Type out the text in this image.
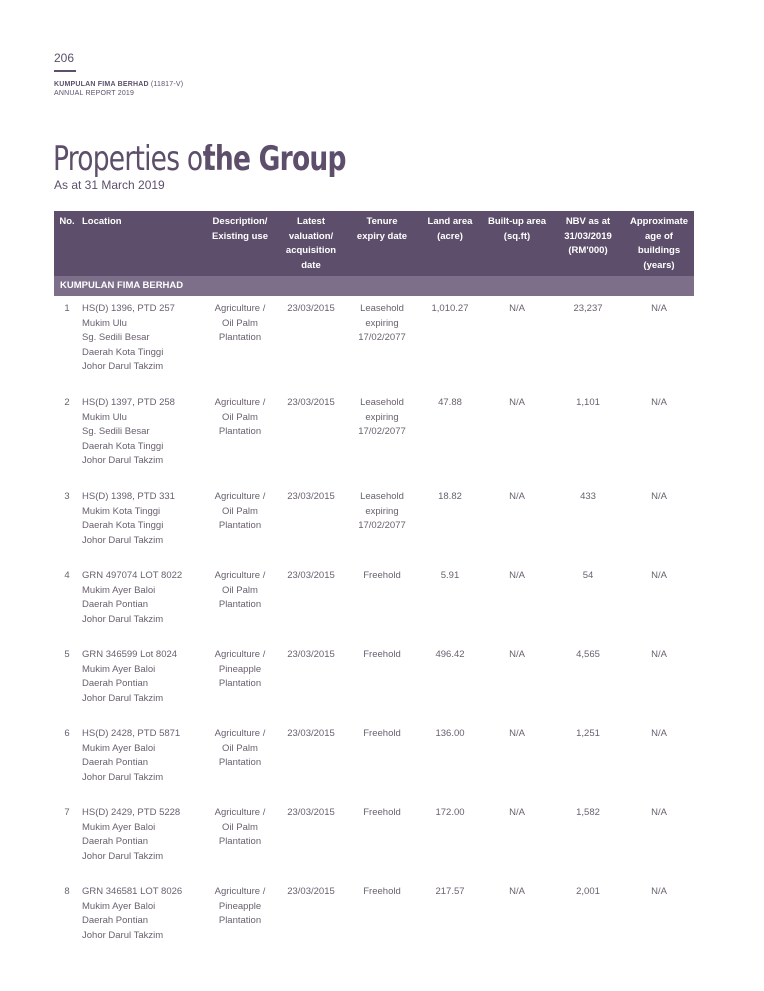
206
KUMPULAN FIMA BERHAD (11817-V)
ANNUAL REPORT 2019
Properties of the Group
As at 31 March 2019
No.	Location	Description/
Existing use	Latest
valuation/
acquisition
date	Tenure
expiry date	Land area
(acre)	Built-up area
(sq.ft)	NBV as at
31/03/2019
(RM'000)	Approximate
age of
buildings
(years)

KUMPULAN FIMA BERHAD								
1	HS(D) 1396, PTD 257
Mukim Ulu
Sg. Sedili Besar
Daerah Kota Tinggi
Johor Darul Takzim	Agriculture /
Oil Palm
Plantation	23/03/2015	Leasehold
expiring
17/02/2077	1,010.27	N/A	23,237	N/A
2	HS(D) 1397, PTD 258
Mukim Ulu
Sg. Sedili Besar
Daerah Kota Tinggi
Johor Darul Takzim	Agriculture /
Oil Palm
Plantation	23/03/2015	Leasehold
expiring
17/02/2077	47.88	N/A	1,101	N/A
3	HS(D) 1398, PTD 331
Mukim Kota Tinggi
Daerah Kota Tinggi
Johor Darul Takzim	Agriculture /
Oil Palm
Plantation	23/03/2015	Leasehold
expiring
17/02/2077	18.82	N/A	433	N/A
4	GRN 497074 LOT 8022
Mukim Ayer Baloi
Daerah Pontian
Johor Darul Takzim	Agriculture /
Oil Palm
Plantation	23/03/2015	Freehold	5.91	N/A	54	N/A
5	GRN 346599 Lot 8024
Mukim Ayer Baloi
Daerah Pontian
Johor Darul Takzim	Agriculture /
Pineapple
Plantation	23/03/2015	Freehold	496.42	N/A	4,565	N/A
6	HS(D) 2428, PTD 5871
Mukim Ayer Baloi
Daerah Pontian
Johor Darul Takzim	Agriculture /
Oil Palm
Plantation	23/03/2015	Freehold	136.00	N/A	1,251	N/A
7	HS(D) 2429, PTD 5228
Mukim Ayer Baloi
Daerah Pontian
Johor Darul Takzim	Agriculture /
Oil Palm
Plantation	23/03/2015	Freehold	172.00	N/A	1,582	N/A
8	GRN 346581 LOT 8026
Mukim Ayer Baloi
Daerah Pontian
Johor Darul Takzim	Agriculture /
Pineapple
Plantation	23/03/2015	Freehold	217.57	N/A	2,001	N/A
